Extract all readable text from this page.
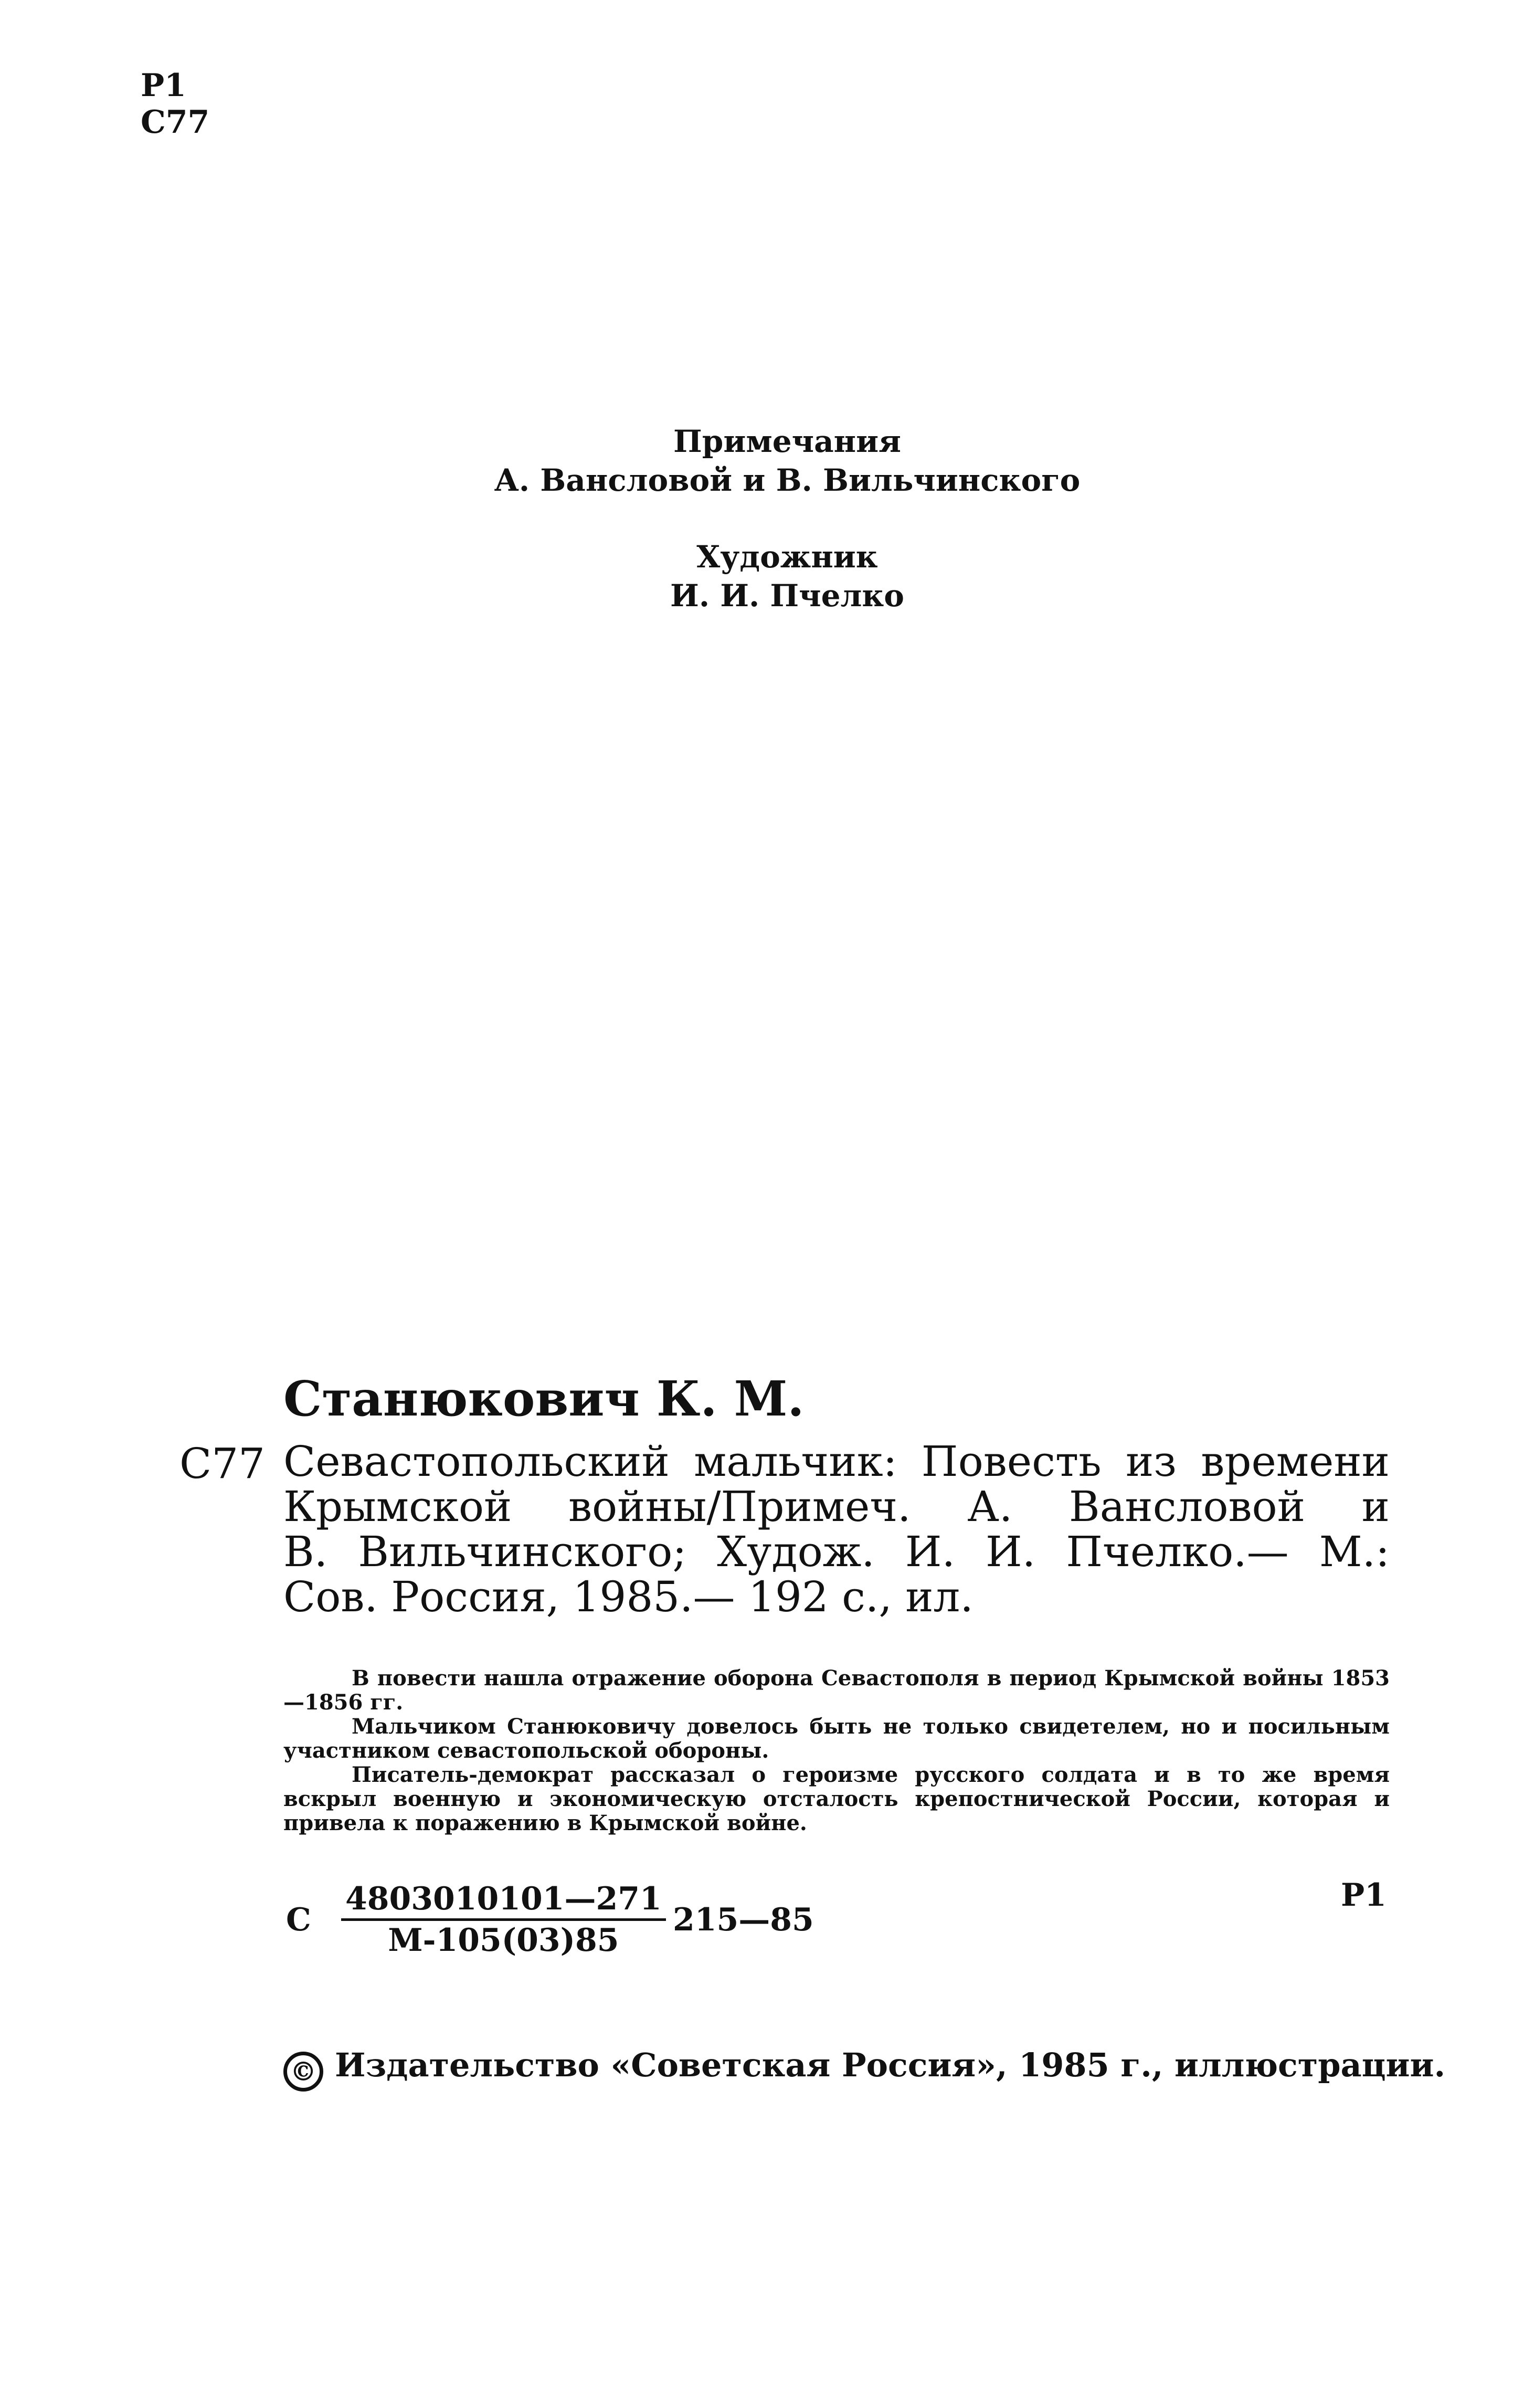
Р1
С77
Примечания
А. Вансловой и В. Вильчинского
Художник
И. И. Пчелко
Станюкович К. М.
С77 Севастопольский мальчик: Повесть из времени
Крымской войны/Примеч. А. Вансловой и
В. Вильчинского; Худож. И. И. Пчелко.— М.:
Сов. Россия, 1985.— 192 с., ил.

В повести нашла отражение оборона Севастополя в период Крымской войны 1853—1856 гг.

Мальчиком Станюковичу довелось быть не только свидетелем, но и посильным участником севастопольской обороны.

Писатель-демократ рассказал о героизме русского солдата и в то же время вскрыл военную и экономическую отсталость крепостнической России, которая и привела к поражению в Крымской войне.

С
4803010101—271
М-105(03)85
215—85
Р1
© Издательство «Советская Россия», 1985 г., иллюстрации.
